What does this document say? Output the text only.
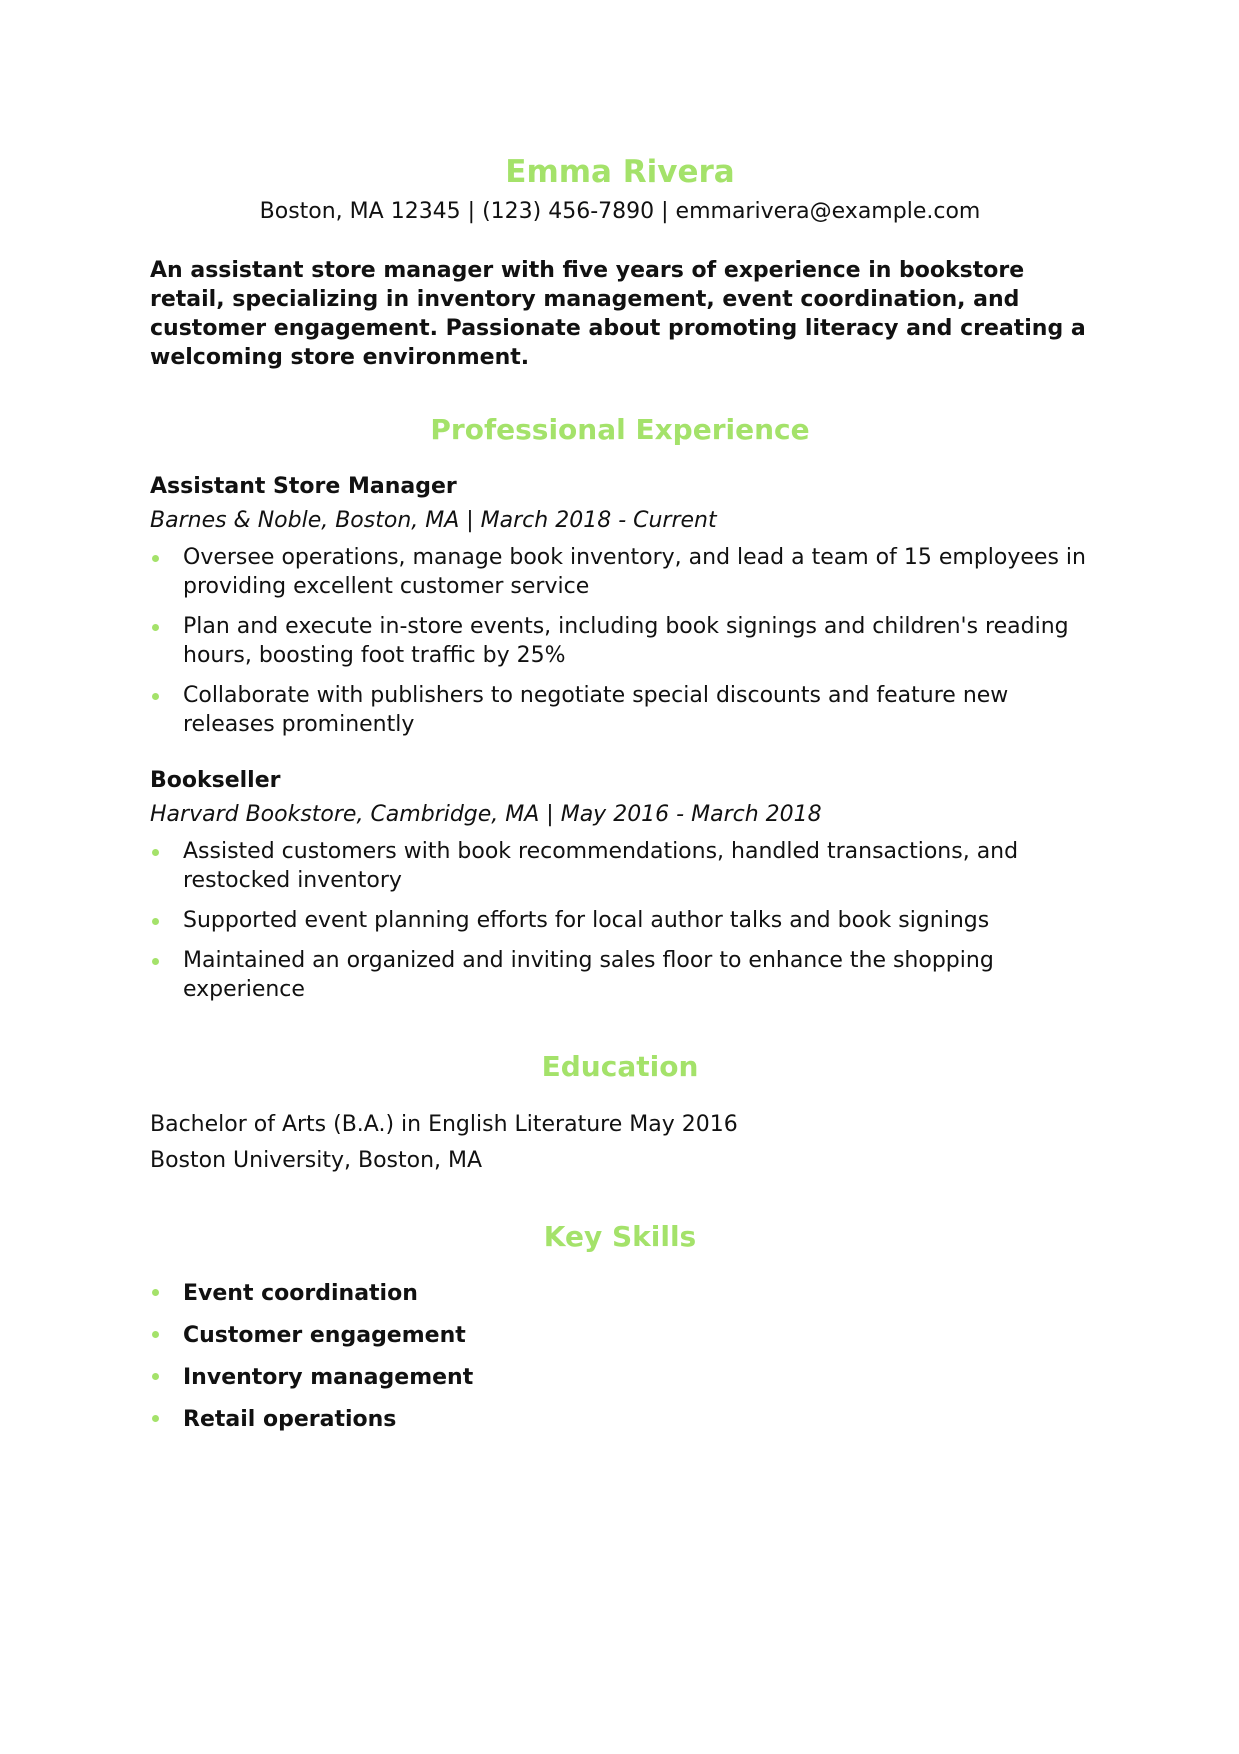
Emma Rivera

Boston, MA 12345 | (123) 456-7890 | emmarivera@example.com

An assistant store manager with five years of experience in bookstore retail, specializing in inventory management, event coordination, and customer engagement. Passionate about promoting literacy and creating a welcoming store environment.

Professional Experience

Assistant Store Manager

Barnes & Noble, Boston, MA | March 2018 - Current

Oversee operations, manage book inventory, and lead a team of 15 employees in providing excellent customer service
Plan and execute in-store events, including book signings and children's reading hours, boosting foot traffic by 25%
Collaborate with publishers to negotiate special discounts and feature new releases prominently

Bookseller

Harvard Bookstore, Cambridge, MA | May 2016 - March 2018

Assisted customers with book recommendations, handled transactions, and restocked inventory
Supported event planning efforts for local author talks and book signings
Maintained an organized and inviting sales floor to enhance the shopping experience
Education

Bachelor of Arts (B.A.) in English Literature May 2016

Boston University, Boston, MA

Key Skills
Event coordination
Customer engagement
Inventory management
Retail operations
